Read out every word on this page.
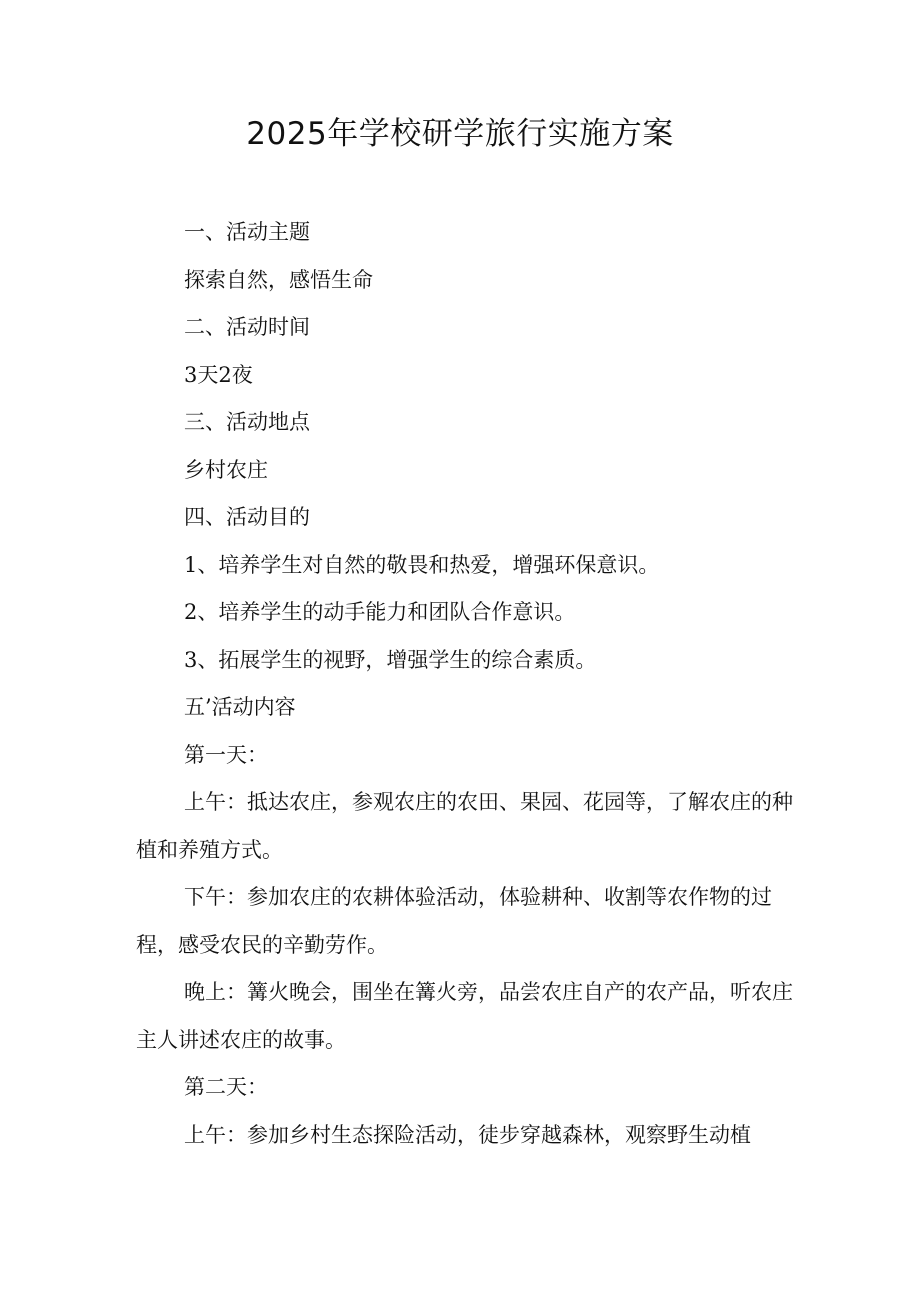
2025年学校研学旅行实施方案

一、活动主题

探索自然，感悟生命

二、活动时间

3天2夜

三、活动地点

乡村农庄

四、活动目的

1、培养学生对自然的敬畏和热爱，增强环保意识。

2、培养学生的动手能力和团队合作意识。

3、拓展学生的视野，增强学生的综合素质。

五’活动内容

第一天：

上午：抵达农庄，参观农庄的农田、果园、花园等，了解农庄的种植和养殖方式。

下午：参加农庄的农耕体验活动，体验耕种、收割等农作物的过程，感受农民的辛勤劳作。

晚上：篝火晚会，围坐在篝火旁，品尝农庄自产的农产品，听农庄主人讲述农庄的故事。

第二天：

上午：参加乡村生态探险活动，徒步穿越森林，观察野生动植
